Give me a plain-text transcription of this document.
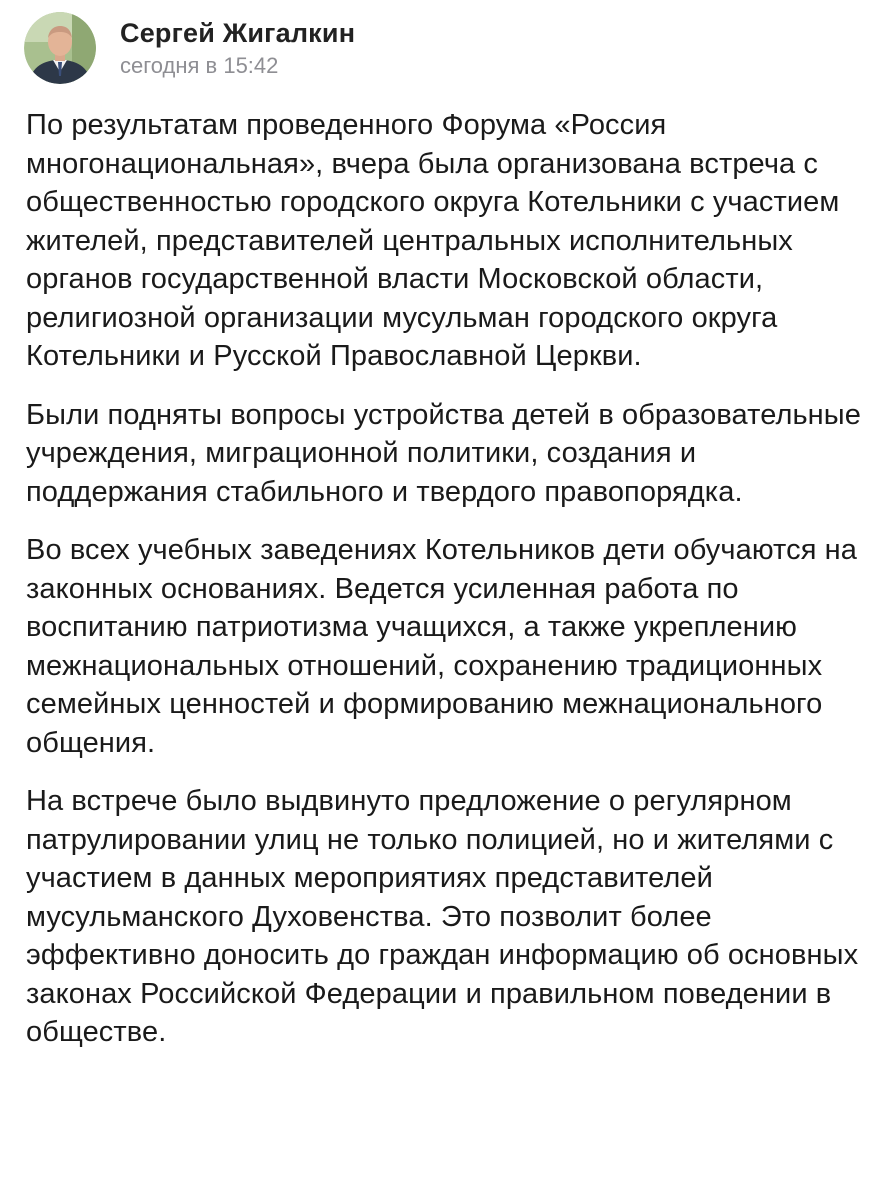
Сергей Жигалкин
сегодня в 15:42

По результатам проведенного Форума «Россия многонациональная», вчера была организована встреча с общественностью городского округа Котельники с участием жителей, представителей центральных исполнительных органов государственной власти Московской области, религиозной организации мусульман городского округа Котельники и Русской Православной Церкви.

Были подняты вопросы устройства детей в образовательные учреждения, миграционной политики, создания и поддержания стабильного и твердого правопорядка.

Во всех учебных заведениях Котельников дети обучаются на законных основаниях. Ведется усиленная работа по воспитанию патриотизма учащихся, а также укреплению межнациональных отношений, сохранению традиционных семейных ценностей и формированию межнационального общения.

На встрече было выдвинуто предложение о регулярном патрулировании улиц не только полицией, но и жителями с участием в данных мероприятиях представителей мусульманского Духовенства. Это позволит более эффективно доносить до граждан информацию об основных законах Российской Федерации и правильном поведении в обществе.
